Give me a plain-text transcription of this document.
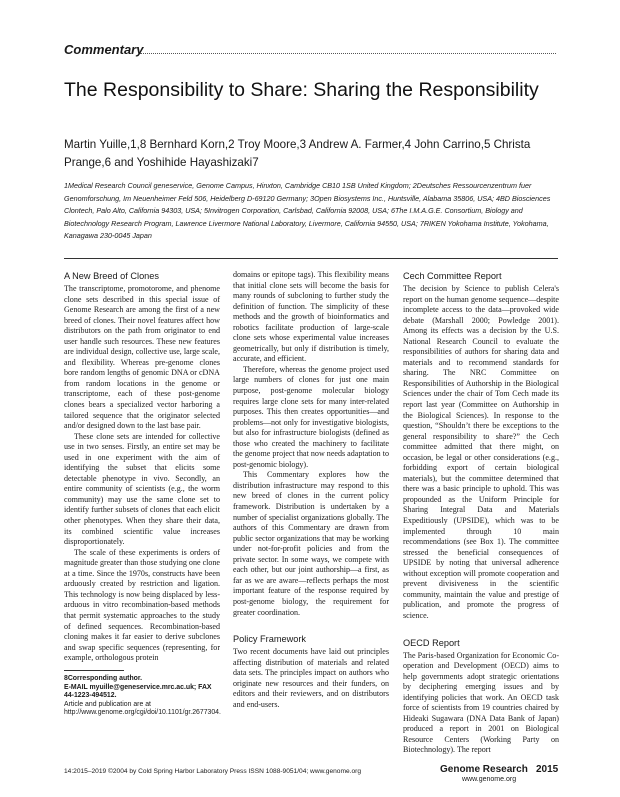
Commentary
The Responsibility to Share: Sharing the Responsibility
Martin Yuille,1,8 Bernhard Korn,2 Troy Moore,3 Andrew A. Farmer,4 John Carrino,5 Christa Prange,6 and Yoshihide Hayashizaki7
1Medical Research Council geneservice, Genome Campus, Hinxton, Cambridge CB10 1SB United Kingdom; 2Deutsches Ressourcenzentrum fuer Genomforschung, Im Neuenheimer Feld 506, Heidelberg D-69120 Germany; 3Open Biosystems Inc., Huntsville, Alabama 35806, USA; 4BD Biosciences Clontech, Palo Alto, California 94303, USA; 5Invitrogen Corporation, Carlsbad, California 92008, USA; 6The I.M.A.G.E. Consortium, Biology and Biotechnology Research Program, Lawrence Livermore National Laboratory, Livermore, California 94550, USA; 7RIKEN Yokohama Institute, Yokohama, Kanagawa 230-0045 Japan
A New Breed of Clones

The transcriptome, promotorome, and phenome clone sets described in this special issue of Genome Research are among the first of a new breed of clones. Their novel features affect how distributors on the path from originator to end user handle such resources. These new features are individual design, collective use, large scale, and flexibility. Whereas pre-genome clones bore random lengths of genomic DNA or cDNA from random locations in the genome or transcriptome, each of these post-genome clones bears a specialized vector harboring a tailored sequence that the originator selected and/or designed down to the last base pair.

These clone sets are intended for collective use in two senses. Firstly, an entire set may be used in one experiment with the aim of identifying the subset that elicits some detectable phenotype in vivo. Secondly, an entire community of scientists (e.g., the worm community) may use the same clone set to identify further subsets of clones that each elicit other phenotypes. When they share their data, its combined scientific value increases disproportionately.

The scale of these experiments is orders of magnitude greater than those studying one clone at a time. Since the 1970s, constructs have been arduously created by restriction and ligation. This technology is now being displaced by less-arduous in vitro recombination-based methods that permit systematic approaches to the study of defined sequences. Recombination-based cloning makes it far easier to derive subclones and swap specific sequences (representing, for example, orthologous protein

domains or epitope tags). This flexibility means that initial clone sets will become the basis for many rounds of subcloning to further study the definition of function. The simplicity of these methods and the growth of bioinformatics and robotics facilitate production of large-scale clone sets whose experimental value increases geometrically, but only if distribution is timely, accurate, and efficient.

Therefore, whereas the genome project used large numbers of clones for just one main purpose, post-genome molecular biology requires large clone sets for many inter-related purposes. This then creates opportunities—and problems—not only for investigative biologists, but also for infrastructure biologists (defined as those who created the machinery to facilitate the genome project that now needs adaptation to post-genomic biology).

This Commentary explores how the distribution infrastructure may respond to this new breed of clones in the current policy framework. Distribution is undertaken by a number of specialist organizations globally. The authors of this Commentary are drawn from public sector organizations that may be working under not-for-profit policies and from the private sector. In some ways, we compete with each other, but our joint authorship—a first, as far as we are aware—reflects perhaps the most important feature of the response required by post-genome biology, the requirement for greater coordination.

Policy Framework

Two recent documents have laid out principles affecting distribution of materials and related data sets. The principles impact on authors who originate new resources and their funders, on editors and their reviewers, and on distributors and end-users.

Cech Committee Report

The decision by Science to publish Celera's report on the human genome sequence—despite incomplete access to the data—provoked wide debate (Marshall 2000; Powledge 2001). Among its effects was a decision by the U.S. National Research Council to evaluate the responsibilities of authors for sharing data and materials and to recommend standards for sharing. The NRC Committee on Responsibilities of Authorship in the Biological Sciences under the chair of Tom Cech made its report last year (Committee on Authorship in the Biological Sciences). In response to the question, “Shouldn’t there be exceptions to the general responsibility to share?” the Cech committee admitted that there might, on occasion, be legal or other considerations (e.g., forbidding export of certain biological materials), but the committee determined that there was a basic principle to uphold. This was propounded as the Uniform Principle for Sharing Integral Data and Materials Expeditiously (UPSIDE), which was to be implemented through 10 main recommendations (see Box 1). The committee stressed the beneficial consequences of UPSIDE by noting that universal adherence without exception will promote cooperation and prevent divisiveness in the scientific community, maintain the value and prestige of publication, and promote the progress of science.

OECD Report

The Paris-based Organization for Economic Co-operation and Development (OECD) aims to help governments adopt strategic orientations by deciphering emerging issues and by identifying policies that work. An OECD task force of scientists from 19 countries chaired by Hideaki Sugawara (DNA Data Bank of Japan) produced a report in 2001 on Biological Resource Centers (Working Party on Biotechnology). The report

8Corresponding author.
E-MAIL myuille@geneservice.mrc.ac.uk; FAX 44-1223-494512.
Article and publication are at http://www.genome.org/cgi/doi/10.1101/gr.2677304.
14:2015–2019 ©2004 by Cold Spring Harbor Laboratory Press ISSN 1088-9051/04; www.genome.org	Genome Research 2015
www.genome.org
